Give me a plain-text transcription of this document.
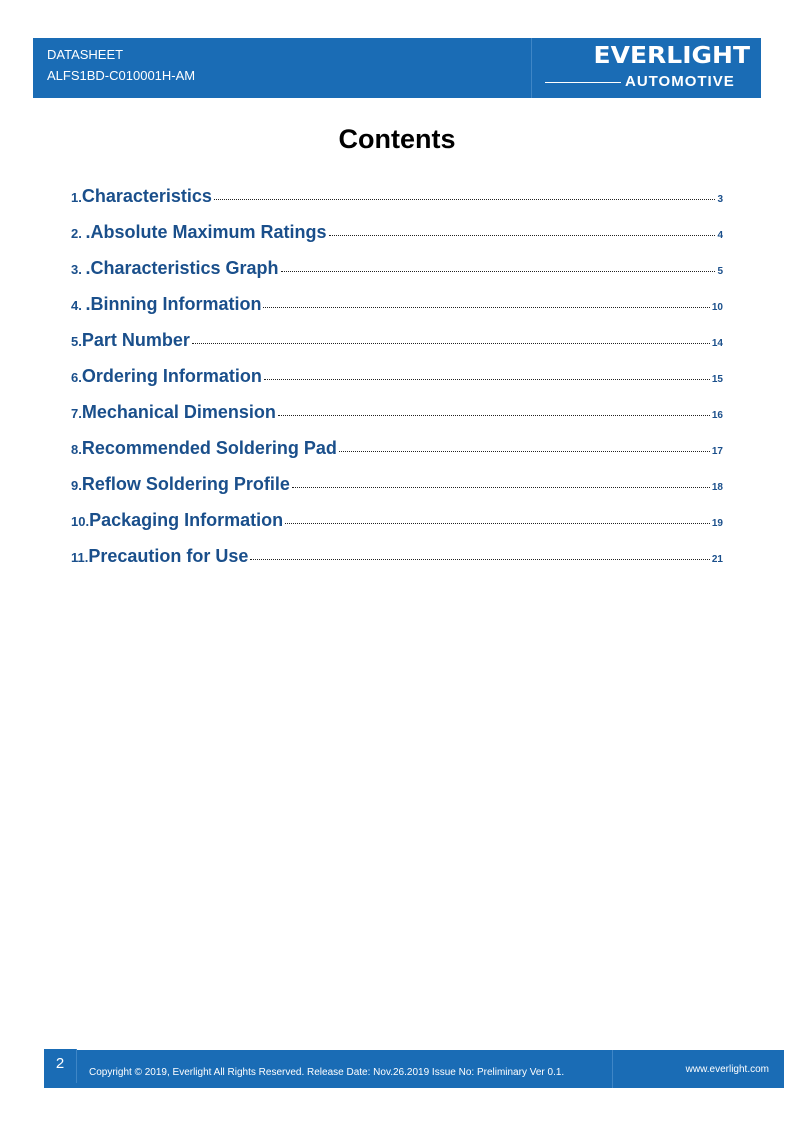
DATASHEET
ALFS1BD-C010001H-AM
EVERLIGHT
AUTOMOTIVE
Contents
1. Characteristics	3
2. .Absolute Maximum Ratings	4
3. .Characteristics Graph	5
4. .Binning Information	10
5. Part Number	14
6. Ordering Information	15
7. Mechanical Dimension	16
8. Recommended Soldering Pad	17
9. Reflow Soldering Profile	18
10. Packaging Information	19
11. Precaution for Use	21
2
Copyright © 2019, Everlight All Rights Reserved. Release Date: Nov.26.2019 Issue No: Preliminary Ver 0.1.	www.everlight.com
